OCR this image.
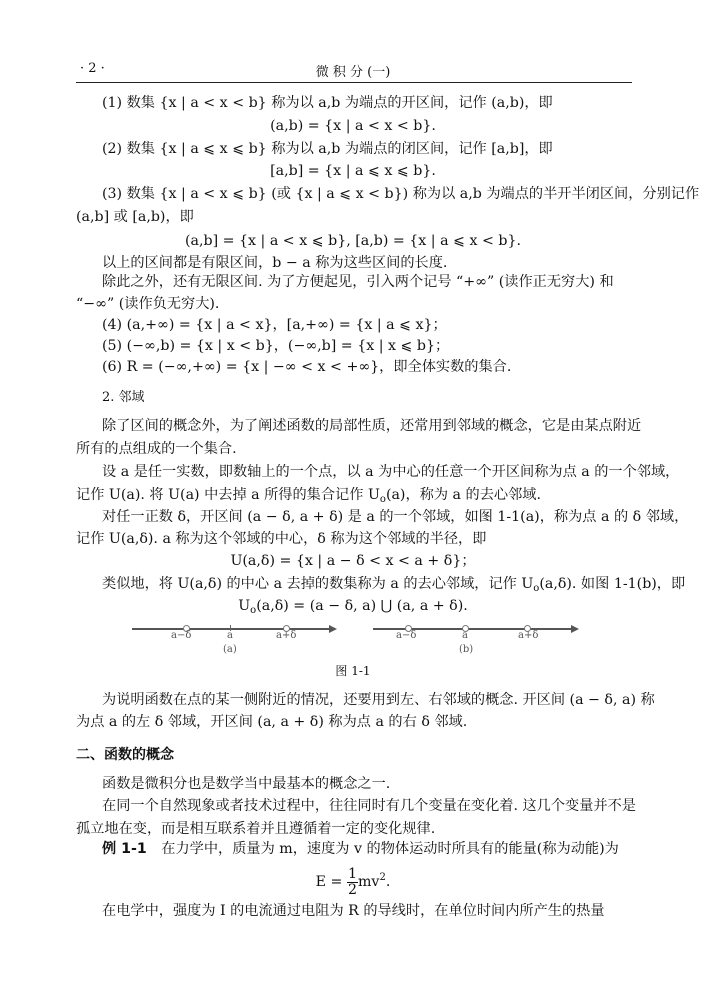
· 2 ·	微 积 分 (一)
(1) 数集 {x | a < x < b} 称为以 a,b 为端点的开区间，记作 (a,b)，即
(a,b) = {x | a < x < b}.
(2) 数集 {x | a ⩽ x ⩽ b} 称为以 a,b 为端点的闭区间，记作 [a,b]，即
[a,b] = {x | a ⩽ x ⩽ b}.
(3) 数集 {x | a < x ⩽ b} (或 {x | a ⩽ x < b}) 称为以 a,b 为端点的半开半闭区间，分别记作
(a,b] 或 [a,b)，即
(a,b] = {x | a < x ⩽ b}, [a,b) = {x | a ⩽ x < b}.
以上的区间都是有限区间，b − a 称为这些区间的长度.
除此之外，还有无限区间. 为了方便起见，引入两个记号 “+∞” (读作正无穷大) 和
“−∞” (读作负无穷大).
(4) (a,+∞) = {x | a < x}，[a,+∞) = {x | a ⩽ x}；
(5) (−∞,b) = {x | x < b}，(−∞,b] = {x | x ⩽ b}；
(6) R = (−∞,+∞) = {x | −∞ < x < +∞}，即全体实数的集合.
2. 邻域
除了区间的概念外，为了阐述函数的局部性质，还常用到邻域的概念，它是由某点附近
所有的点组成的一个集合.
设 a 是任一实数，即数轴上的一个点，以 a 为中心的任意一个开区间称为点 a 的一个邻域，
记作 U(a). 将 U(a) 中去掉 a 所得的集合记作 $U_o(a)$，称为 a 的去心邻域.
对任一正数 δ，开区间 (a − δ, a + δ) 是 a 的一个邻域，如图 1-1(a)，称为点 a 的 δ 邻域，
记作 U(a,δ). a 称为这个邻域的中心，δ 称为这个邻域的半径，即
U(a,δ) = {x | a − δ < x < a + δ}；
类似地，将 U(a,δ) 的中心 a 去掉的数集称为 a 的去心邻域，记作 $U_o(a,\delta)$. 如图 1-1(b)，即
$U_o(a,\delta) = (a - \delta$, a) ⋃ (a, a + δ).
a−δ	a	a+δ
(a)
a−δ	a	a+δ
(b)
图 1-1
为说明函数在点的某一侧附近的情况，还要用到左、右邻域的概念. 开区间 (a − δ, a) 称
为点 a 的左 δ 邻域，开区间 (a, a + δ) 称为点 a 的右 δ 邻域.
二、函数的概念
函数是微积分也是数学当中最基本的概念之一.
在同一个自然现象或者技术过程中，往往同时有几个变量在变化着. 这几个变量并不是
孤立地在变，而是相互联系着并且遵循着一定的变化规律.
例 1-1 在力学中，质量为 m，速度为 v 的物体运动时所具有的能量(称为动能)为
$E = \frac{1}{2} mv^2$.
在电学中，强度为 I 的电流通过电阻为 R 的导线时，在单位时间内所产生的热量
